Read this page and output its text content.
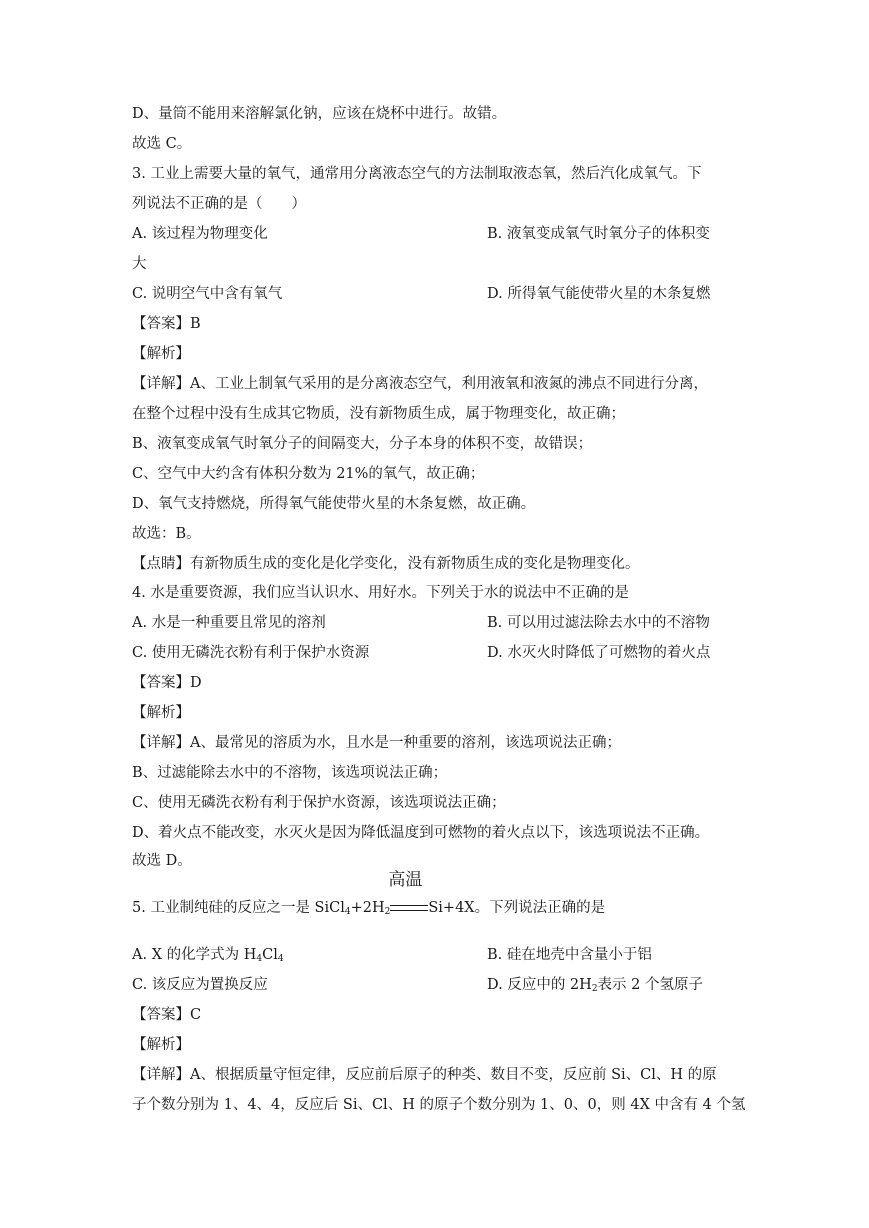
D、量筒不能用来溶解氯化钠，应该在烧杯中进行。故错。
故选 C。
3. 工业上需要大量的氧气，通常用分离液态空气的方法制取液态氧，然后汽化成氧气。下
列说法不正确的是（　　）
A. 该过程为物理变化	B. 液氧变成氧气时氧分子的体积变
大
C. 说明空气中含有氧气	D. 所得氧气能使带火星的木条复燃
【答案】B
【解析】
【详解】A、工业上制氧气采用的是分离液态空气，利用液氧和液氮的沸点不同进行分离，
在整个过程中没有生成其它物质，没有新物质生成，属于物理变化，故正确；
B、液氧变成氧气时氧分子的间隔变大，分子本身的体积不变，故错误；
C、空气中大约含有体积分数为 21%的氧气，故正确；
D、氧气支持燃烧，所得氧气能使带火星的木条复燃，故正确。
故选：B。
【点睛】有新物质生成的变化是化学变化，没有新物质生成的变化是物理变化。
4. 水是重要资源，我们应当认识水、用好水。下列关于水的说法中不正确的是
A. 水是一种重要且常见的溶剂	B. 可以用过滤法除去水中的不溶物
C. 使用无磷洗衣粉有利于保护水资源	D. 水灭火时降低了可燃物的着火点
【答案】D
【解析】
【详解】A、最常见的溶质为水，且水是一种重要的溶剂，该选项说法正确；
B、过滤能除去水中的不溶物，该选项说法正确；
C、使用无磷洗衣粉有利于保护水资源，该选项说法正确；
D、着火点不能改变，水灭火是因为降低温度到可燃物的着火点以下，该选项说法不正确。
故选 D。
5. 工业制纯硅的反应之一是 $SiCl_4+2H_2$
高温
Si+4X。下列说法正确的是
A. X 的化学式为 $H_4Cl_4$	B. 硅在地壳中含量小于铝
C. 该反应为置换反应	D. 反应中的 $2H_2$表示 2 个氢原子
【答案】C
【解析】
【详解】A、根据质量守恒定律，反应前后原子的种类、数目不变，反应前 Si、Cl、H 的原
子个数分别为 1、4、4，反应后 Si、Cl、H 的原子个数分别为 1、0、0，则 4X 中含有 4 个氢
